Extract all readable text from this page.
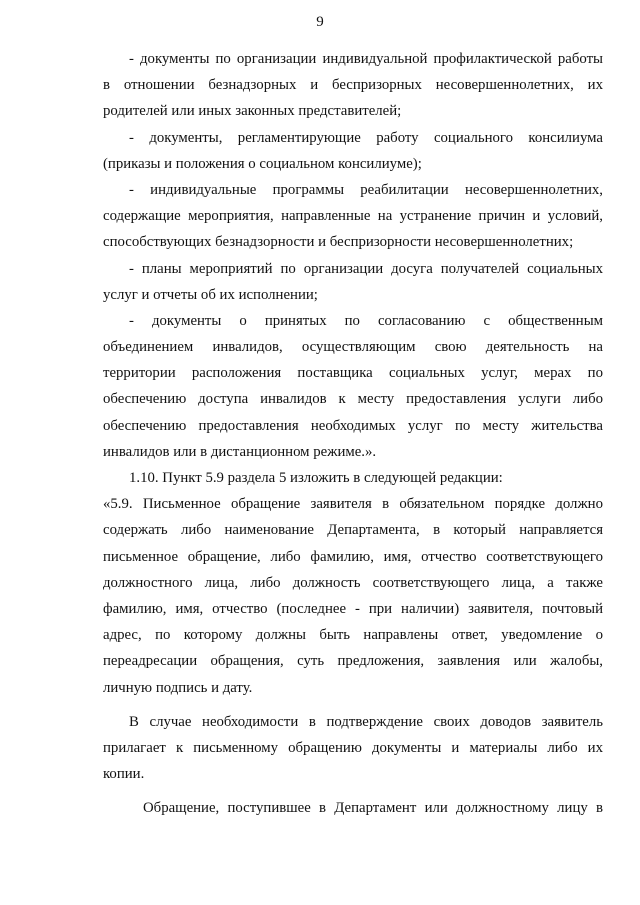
9
- документы по организации индивидуальной профилактической работы
в отношении безнадзорных и беспризорных несовершеннолетних, их
родителей или иных законных представителей;
- документы, регламентирующие работу социального консилиума
(приказы и положения о социальном консилиуме);
- индивидуальные программы реабилитации несовершеннолетних,
содержащие мероприятия, направленные на устранение причин и условий,
способствующих безнадзорности и беспризорности несовершеннолетних;
- планы мероприятий по организации досуга получателей социальных
услуг и отчеты об их исполнении;
- документы о принятых по согласованию с общественным
объединением инвалидов, осуществляющим свою деятельность на
территории расположения поставщика социальных услуг, мерах по
обеспечению доступа инвалидов к месту предоставления услуги либо
обеспечению предоставления необходимых услуг по месту жительства
инвалидов или в дистанционном режиме.».
1.10. Пункт 5.9 раздела 5 изложить в следующей редакции:
«5.9. Письменное обращение заявителя в обязательном порядке должно
содержать либо наименование Департамента, в который направляется
письменное обращение, либо фамилию, имя, отчество соответствующего
должностного лица, либо должность соответствующего лица, а также
фамилию, имя, отчество (последнее - при наличии) заявителя, почтовый
адрес, по которому должны быть направлены ответ, уведомление о
переадресации обращения, суть предложения, заявления или жалобы,
личную подпись и дату.
В случае необходимости в подтверждение своих доводов заявитель
прилагает к письменному обращению документы и материалы либо их
копии.
Обращение, поступившее в Департамент или должностному лицу в
